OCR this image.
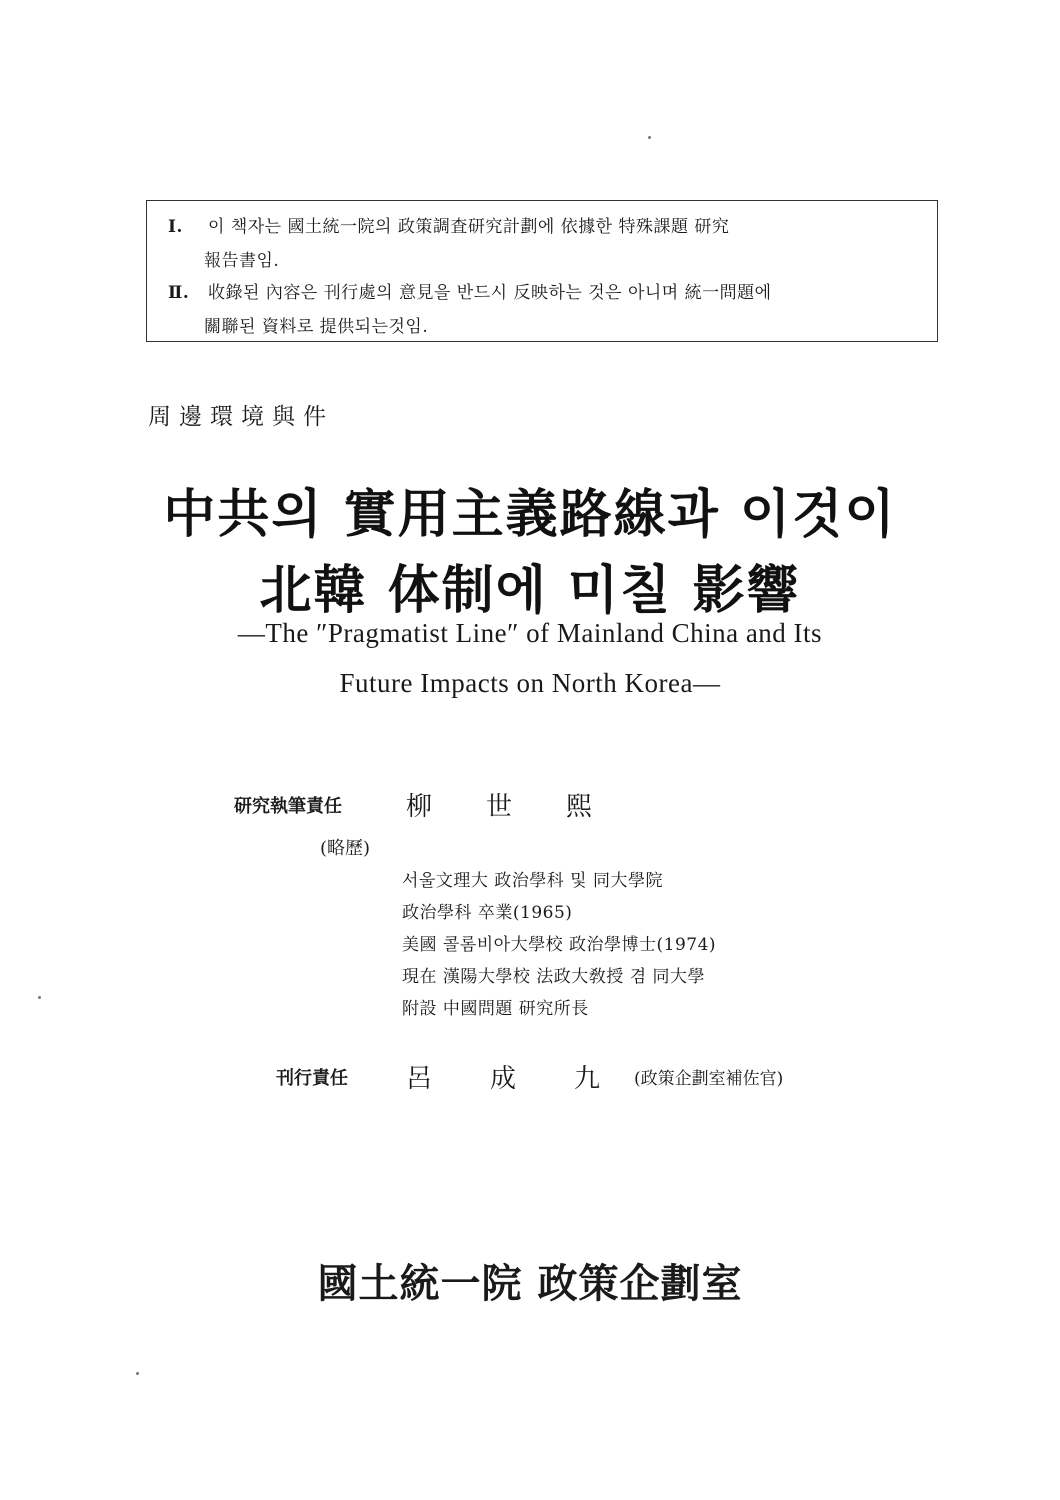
Ⅰ. 이 책자는 國土統一院의 政策調査研究計劃에 依據한 特殊課題 研究
報告書임.
Ⅱ. 收錄된 內容은 刊行處의 意見을 반드시 反映하는 것은 아니며 統一問題에
關聯된 資料로 提供되는것임.
周邊環境與件
中共의 實用主義路線과 이것이
北韓 体制에 미칠 影響
—The ″Pragmatist Line″ of Mainland China and Its
Future Impacts on North Korea—
研究執筆責任 柳世熙
(略歷)
서울文理大 政治學科 및 同大學院
政治學科 卒業(1965)
美國 콜롬비아大學校 政治學博士(1974)
現在 漢陽大學校 法政大敎授 겸 同大學
附設 中國問題 研究所長
刊行責任 呂成九
(政策企劃室補佐官)
國土統一院 政策企劃室
